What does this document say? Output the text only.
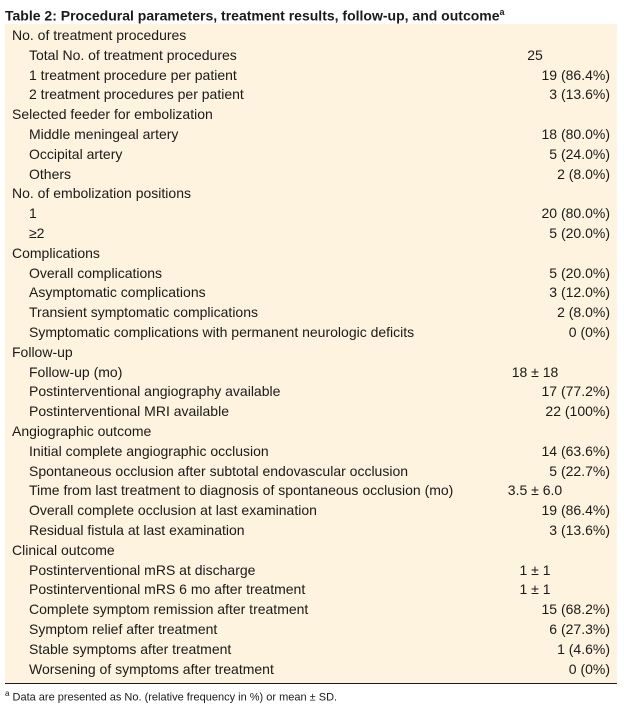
Table 2: Procedural parameters, treatment results, follow-up, and outcome$^a$
No. of treatment procedures
Total No. of treatment procedures	25
1 treatment procedure per patient	19 (86.4%)
2 treatment procedures per patient	3 (13.6%)
Selected feeder for embolization
Middle meningeal artery	18 (80.0%)
Occipital artery	5 (24.0%)
Others	2 (8.0%)
No. of embolization positions
1	20 (80.0%)
≥2	5 (20.0%)
Complications
Overall complications	5 (20.0%)
Asymptomatic complications	3 (12.0%)
Transient symptomatic complications	2 (8.0%)
Symptomatic complications with permanent neurologic deficits	0 (0%)
Follow-up
Follow-up (mo)	18 ± 18
Postinterventional angiography available	17 (77.2%)
Postinterventional MRI available	22 (100%)
Angiographic outcome
Initial complete angiographic occlusion	14 (63.6%)
Spontaneous occlusion after subtotal endovascular occlusion	5 (22.7%)
Time from last treatment to diagnosis of spontaneous occlusion (mo)	3.5 ± 6.0
Overall complete occlusion at last examination	19 (86.4%)
Residual fistula at last examination	3 (13.6%)
Clinical outcome
Postinterventional mRS at discharge	1 ± 1
Postinterventional mRS 6 mo after treatment	1 ± 1
Complete symptom remission after treatment	15 (68.2%)
Symptom relief after treatment	6 (27.3%)
Stable symptoms after treatment	1 (4.6%)
Worsening of symptoms after treatment	0 (0%)
$^a$ Data are presented as No. (relative frequency in %) or mean ± SD.
